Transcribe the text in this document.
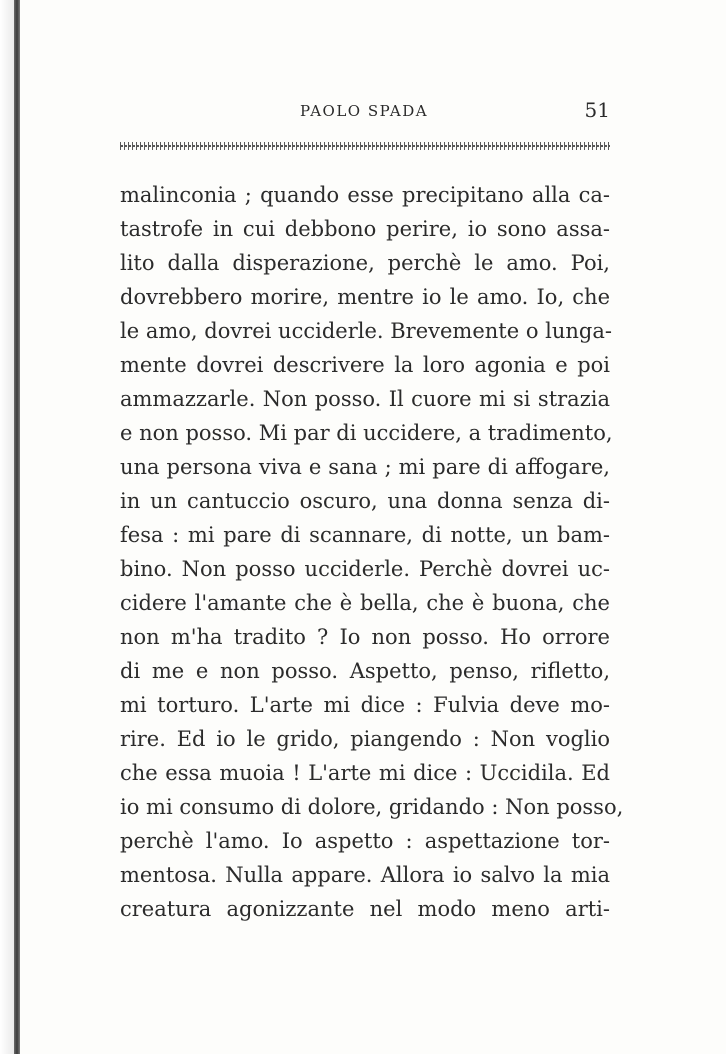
PAOLO SPADA	51
malinconia ; quando esse precipitano alla ca-
tastrofe in cui debbono perire, io sono assa-
lito dalla disperazione, perchè le amo. Poi,
dovrebbero morire, mentre io le amo. Io, che
le amo, dovrei ucciderle. Brevemente o lunga-
mente dovrei descrivere la loro agonia e poi
ammazzarle. Non posso. Il cuore mi si strazia
e non posso. Mi par di uccidere, a tradimento,
una persona viva e sana ; mi pare di affogare,
in un cantuccio oscuro, una donna senza di-
fesa : mi pare di scannare, di notte, un bam-
bino. Non posso ucciderle. Perchè dovrei uc-
cidere l'amante che è bella, che è buona, che
non m'ha tradito ? Io non posso. Ho orrore
di me e non posso. Aspetto, penso, rifletto,
mi torturo. L'arte mi dice : Fulvia deve mo-
rire. Ed io le grido, piangendo : Non voglio
che essa muoia ! L'arte mi dice : Uccidila. Ed
io mi consumo di dolore, gridando : Non posso,
perchè l'amo. Io aspetto : aspettazione tor-
mentosa. Nulla appare. Allora io salvo la mia
creatura agonizzante nel modo meno arti-
